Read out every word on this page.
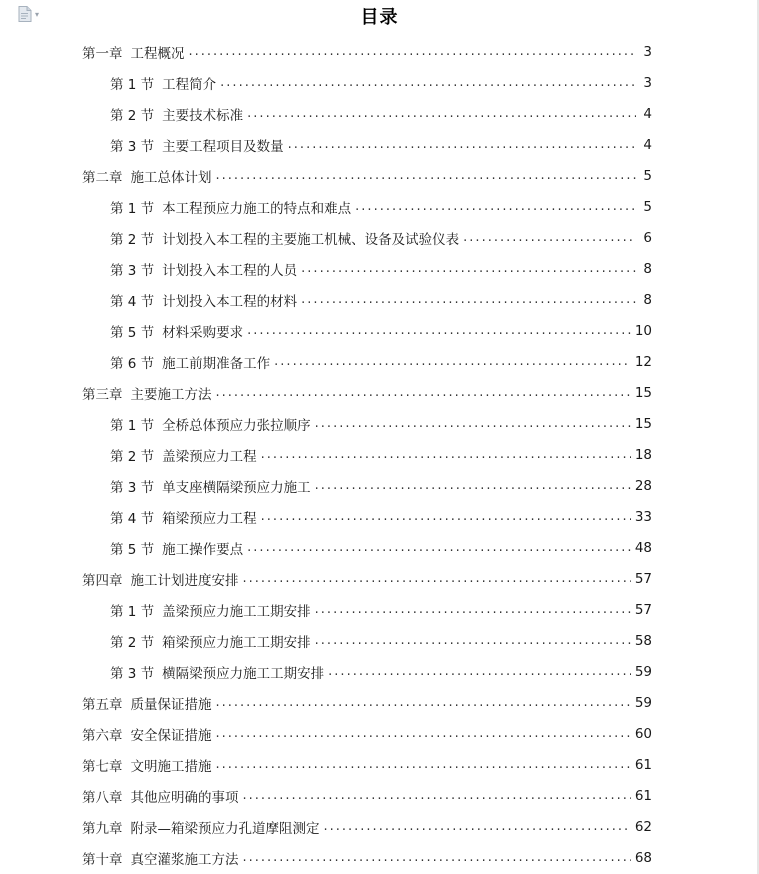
▾	目录
第一章 工程概况 .....	3
第 1 节 工程简介 .....	3
第 2 节 主要技术标准 .....	4
第 3 节 主要工程项目及数量 .....	4
第二章 施工总体计划 .....	5
第 1 节 本工程预应力施工的特点和难点 .....	5
第 2 节 计划投入本工程的主要施工机械、设备及试验仪表 .....	6
第 3 节 计划投入本工程的人员 .....	8
第 4 节 计划投入本工程的材料 .....	8
第 5 节 材料采购要求 .....	10
第 6 节 施工前期准备工作 .....	12
第三章 主要施工方法 .....	15
第 1 节 全桥总体预应力张拉顺序 .....	15
第 2 节 盖梁预应力工程 .....	18
第 3 节 单支座横隔梁预应力施工 .....	28
第 4 节 箱梁预应力工程 .....	33
第 5 节 施工操作要点 .....	48
第四章 施工计划进度安排 .....	57
第 1 节 盖梁预应力施工工期安排 .....	57
第 2 节 箱梁预应力施工工期安排 .....	58
第 3 节 横隔梁预应力施工工期安排 .....	59
第五章 质量保证措施 .....	59
第六章 安全保证措施 .....	60
第七章 文明施工措施 .....	61
第八章 其他应明确的事项 .....	61
第九章 附录—箱梁预应力孔道摩阻测定 .....	62
第十章 真空灌浆施工方法 .....	68
